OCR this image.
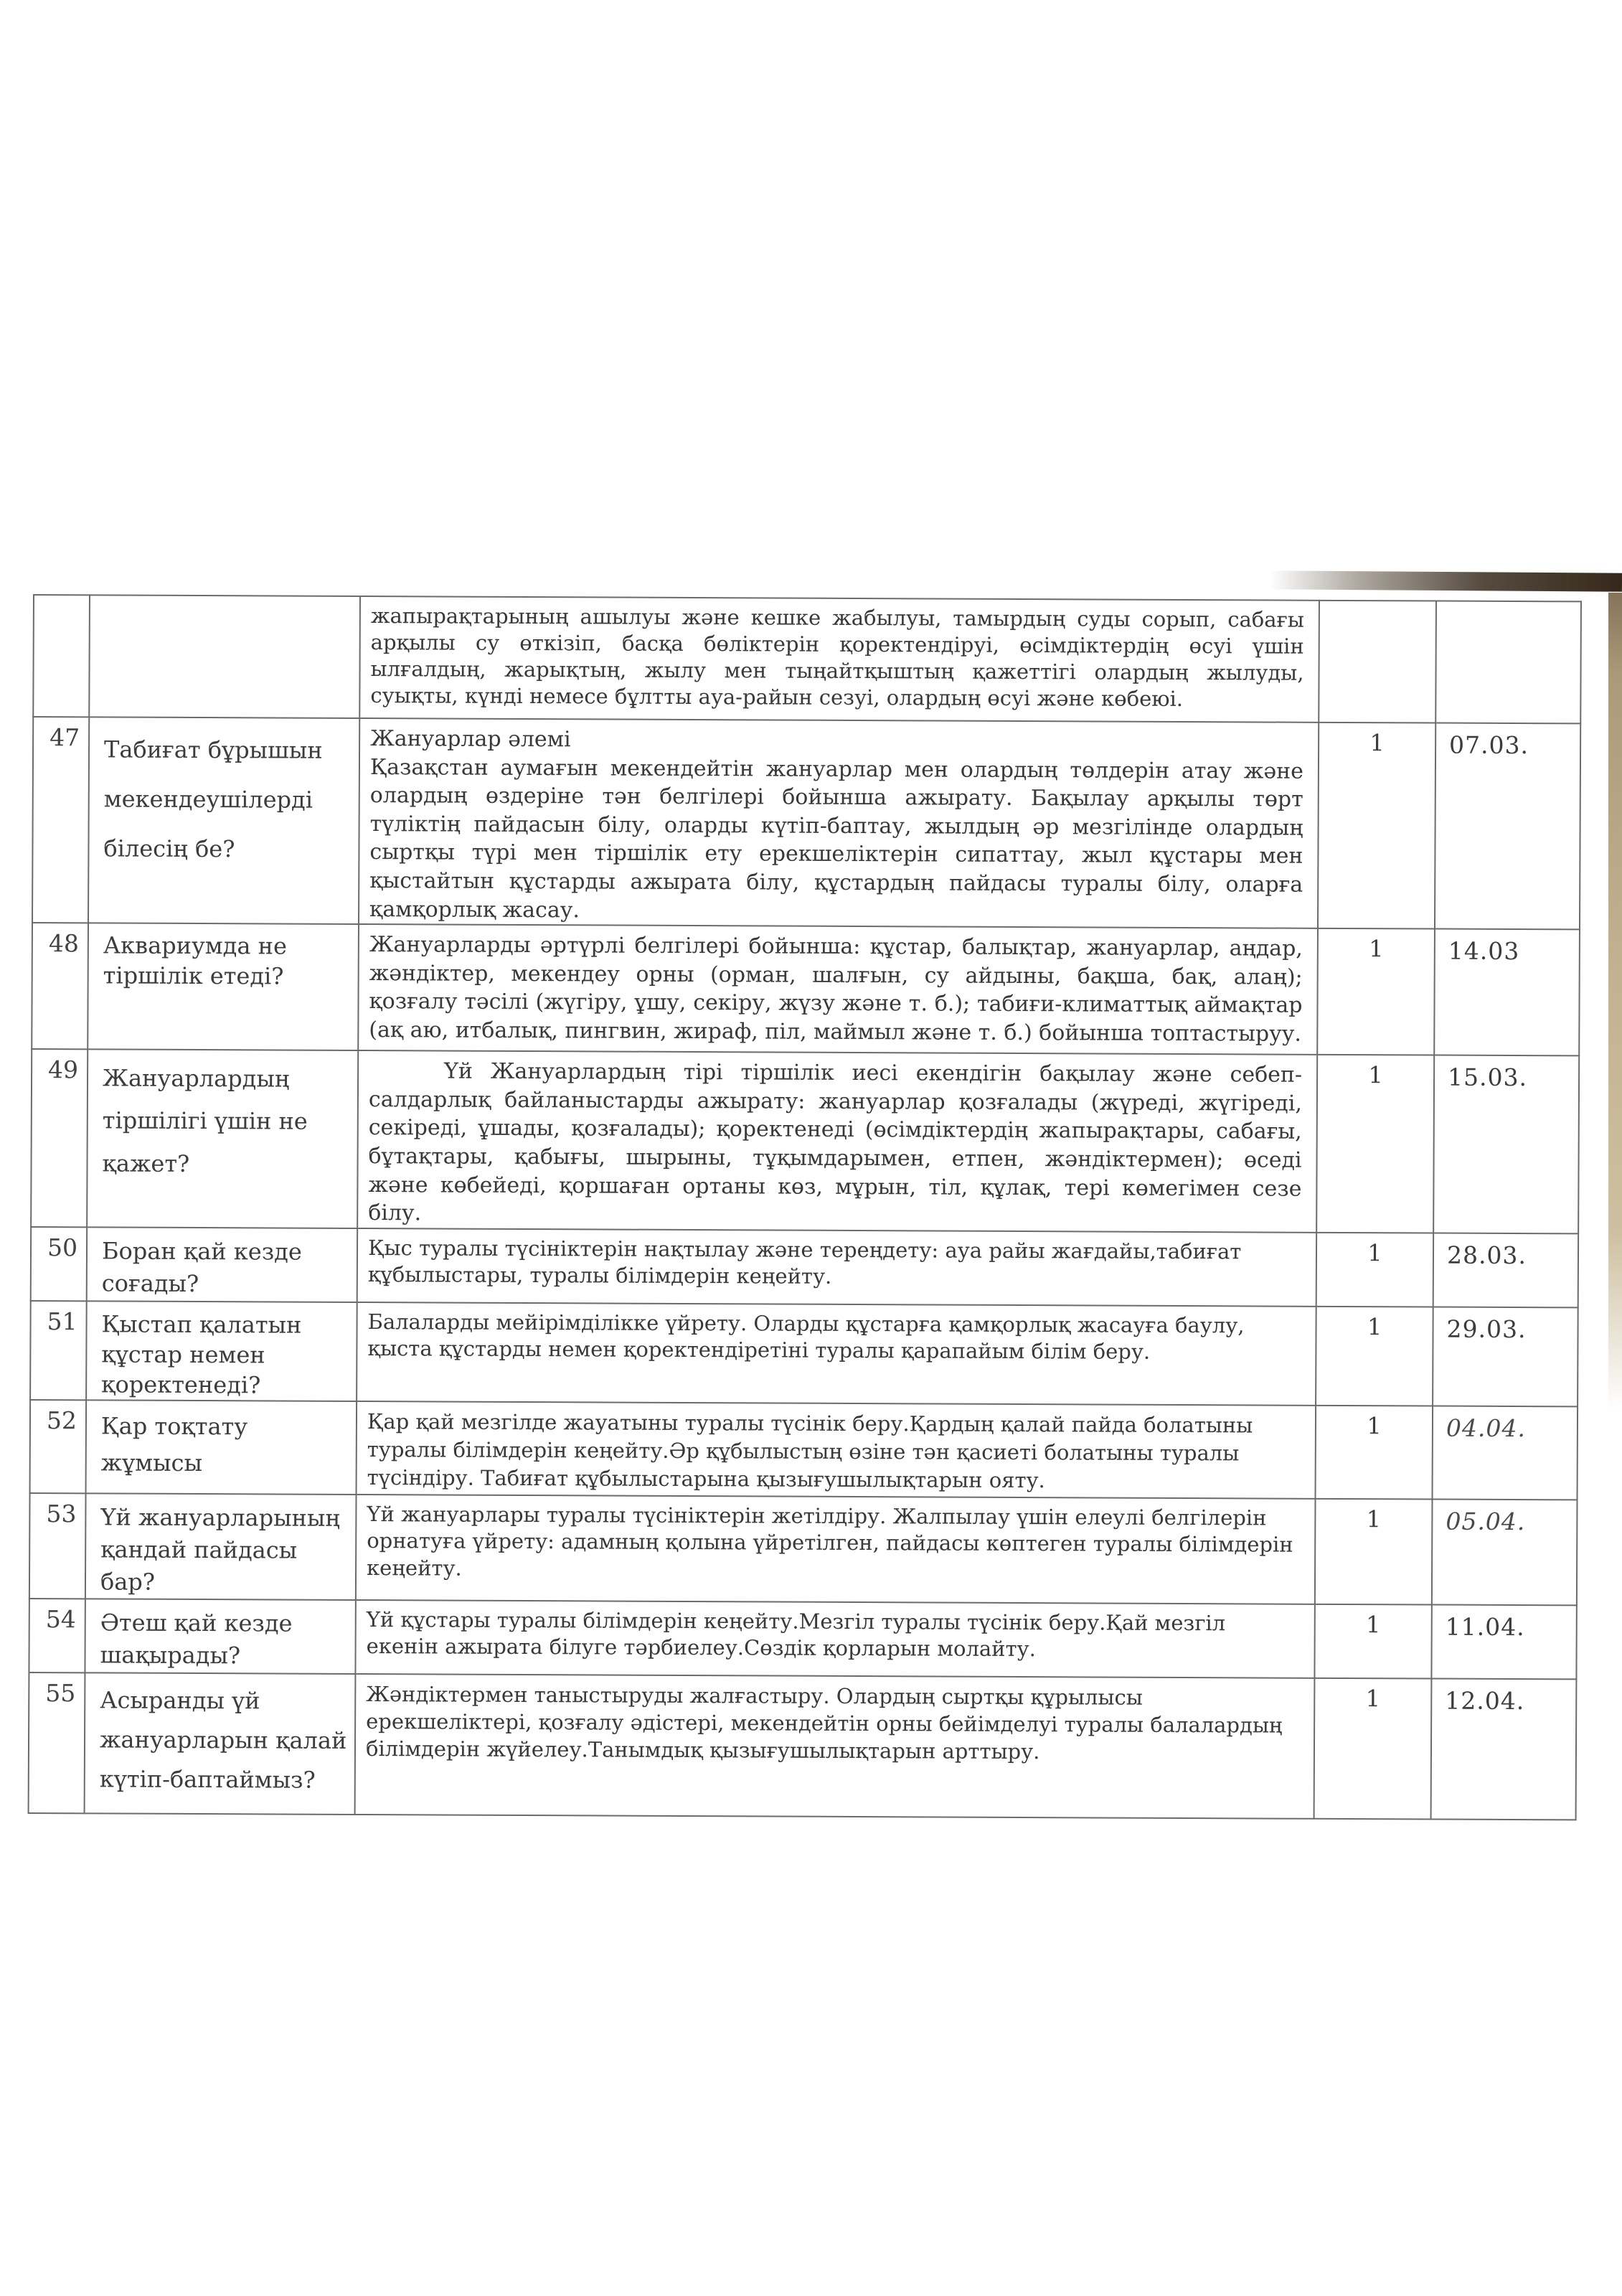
		жапырақтарының ашылуы және кешке жабылуы, тамырдың суды сорып, сабағы арқылы су өткізіп, басқа бөліктерін қоректендіруі, өсімдіктердің өсуі үшін ылғалдың, жарықтың, жылу мен тыңайтқыштың қажеттігі олардың жылуды, суықты, күнді немесе бұлтты ауа-райын сезуі, олардың өсуі және көбеюі.		
47	Табиғат бұрышын мекендеушілерді білесің бе?	Жануарлар әлемі
Қазақстан аумағын мекендейтін жануарлар мен олардың төлдерін атау және олардың өздеріне тән белгілері бойынша ажырату. Бақылау арқылы төрт түліктің пайдасын білу, оларды күтіп-баптау, жылдың әр мезгілінде олардың сыртқы түрі мен тіршілік ету ерекшеліктерін сипаттау, жыл құстары мен қыстайтын құстарды ажырата білу, құстардың пайдасы туралы білу, оларға қамқорлық жасау.	1	07.03.
48	Аквариумда не тіршілік етеді?	Жануарларды әртүрлі белгілері бойынша: құстар, балықтар, жануарлар, аңдар, жәндіктер, мекендеу орны (орман, шалғын, су айдыны, бақша, бақ, алаң); қозғалу тәсілі (жүгіру, ұшу, секіру, жүзу және т. б.); табиғи-климаттық аймақтар (ақ аю, итбалық, пингвин, жираф, піл, маймыл және т. б.) бойынша топтастыруу.	1	14.03
49	Жануарлардың тіршілігі үшін не қажет?	Үй Жануарлардың тірі тіршілік иесі екендігін бақылау және себеп-салдарлық байланыстарды ажырату: жануарлар қозғалады (жүреді, жүгіреді, секіреді, ұшады, қозғалады); қоректенеді (өсімдіктердің жапырақтары, сабағы, бұтақтары, қабығы, шырыны, тұқымдарымен, етпен, жәндіктермен); өседі және көбейеді, қоршаған ортаны көз, мұрын, тіл, құлақ, тері көмегімен сезе білу.	1	15.03.
50	Боран қай кезде соғады?	Қыс туралы түсініктерін нақтылау және тереңдету: ауа райы жағдайы,табиғат құбылыстары, туралы білімдерін кеңейту.	1	28.03.
51	Қыстап қалатын құстар немен қоректенеді?	Балаларды мейірімділікке үйрету. Оларды құстарға қамқорлық жасауға баулу, қыста құстарды немен қоректендіретіні туралы қарапайым білім беру.	1	29.03.
52	Қар тоқтату жұмысы	Қар қай мезгілде жауатыны туралы түсінік беру.Қардың қалай пайда болатыны туралы білімдерін кеңейту.Әр құбылыстың өзіне тән қасиеті болатыны туралы түсіндіру. Табиғат құбылыстарына қызығушылықтарын ояту.	1	04.04.
53	Үй жануарларының қандай пайдасы бар?	Үй жануарлары туралы түсініктерін жетілдіру. Жалпылау үшін елеулі белгілерін орнатуға үйрету: адамның қолына үйретілген, пайдасы көптеген туралы білімдерін кеңейту.	1	05.04.
54	Әтеш қай кезде шақырады?	Үй құстары туралы білімдерін кеңейту.Мезгіл туралы түсінік беру.Қай мезгіл екенін ажырата білуге тәрбиелеу.Сөздік қорларын молайту.	1	11.04.
55	Асыранды үй жануарларын қалай күтіп-баптаймыз?	Жәндіктермен таныстыруды жалғастыру. Олардың сыртқы құрылысы ерекшеліктері, қозғалу әдістері, мекендейтін орны бейімделуі туралы балалардың білімдерін жүйелеу.Танымдық қызығушылықтарын арттыру.	1	12.04.
